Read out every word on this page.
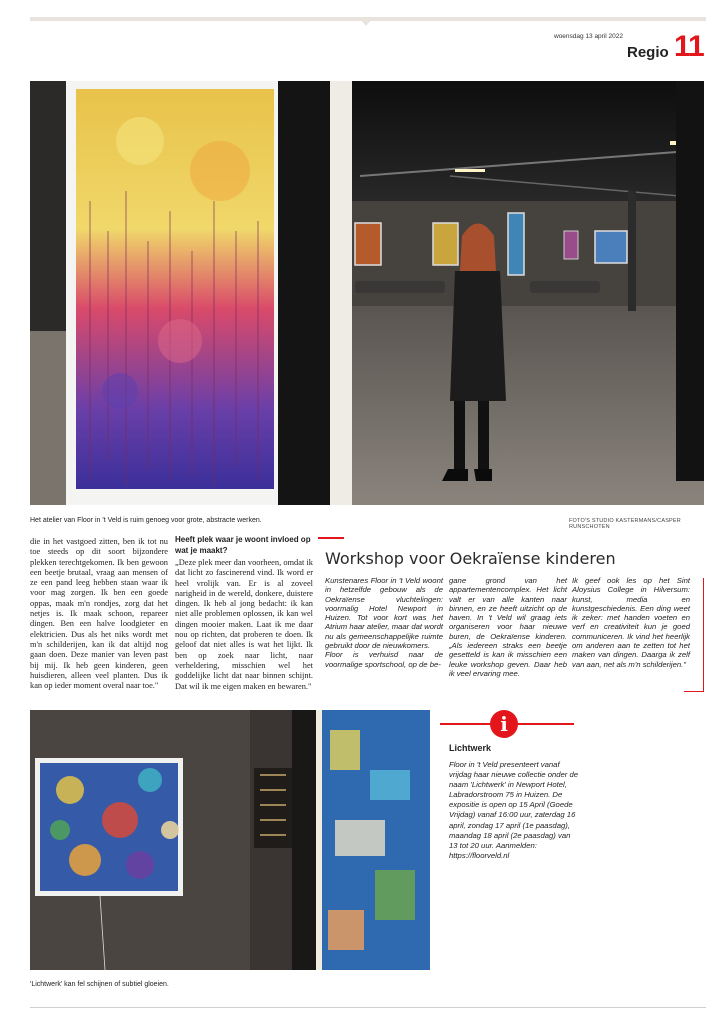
woensdag 13 april 2022
Regio 11
Het atelier van Floor in 't Veld is ruim genoeg voor grote, abstracte werken.	FOTO'S STUDIO KASTERMANS/CASPER RUNSCHOTEN
die in het vastgoed zitten, ben ik tot nu toe steeds op dit soort bijzondere plekken terechtgekomen. Ik ben gewoon een beetje brutaal, vraag aan mensen of ze een pand leeg hebben staan waar ik voor mag zorgen. Ik ben een goede oppas, maak m'n rondjes, zorg dat het netjes is. Ik maak schoon, repareer dingen. Ben een halve loodgieter en elektricien. Dus als het niks wordt met m'n schilderijen, kan ik dat altijd nog gaan doen. Deze manier van leven past bij mij. Ik heb geen kinderen, geen huisdieren, alleen veel planten. Dus ik kan op ieder moment overal naar toe."
Heeft plek waar je woont invloed op wat je maakt?
„Deze plek meer dan voorheen, omdat ik dat licht zo fascinerend vind. Ik word er heel vrolijk van. Er is al zoveel narigheid in de wereld, donkere, duistere dingen. Ik heb al jong bedacht: ik kan niet alle problemen oplossen, ik kan wel dingen mooier maken. Laat ik me daar nou op richten, dat proberen te doen. Ik geloof dat niet alles is wat het lijkt. Ik ben op zoek naar licht, naar verheldering, misschien wel het goddelijke licht dat naar binnen schijnt. Dat wil ik me eigen maken en bewaren."
Workshop voor Oekraïense kinderen
Kunstenares Floor in 't Veld woont in hetzelfde gebouw als de Oekraïense vluchtelingen: voormalig Hotel Newport in Huizen. Tot voor kort was het Atrium haar atelier, maar dat wordt nu als gemeenschappelijke ruimte gebruikt door de nieuwkomers.
Floor is verhuisd naar de voormalige sportschool, op de be-
gane grond van het appartementencomplex. Het licht valt er van alle kanten naar binnen, en ze heeft uitzicht op de haven. In 't Veld wil graag iets organiseren voor haar nieuwe buren, de Oekraïense kinderen. „Als iedereen straks een beetje gesetteld is kan ik misschien een leuke workshop geven. Daar heb ik veel ervaring mee.
Ik geef ook les op het Sint Aloysius College in Hilversum: kunst, media en kunstgeschiedenis. Een ding weet ik zeker: met handen voeten en verf en creativiteit kun je goed communiceren. Ik vind het heerlijk om anderen aan te zetten tot het maken van dingen. Daarga ik zelf van aan, net als m'n schilderijen."
'Lichtwerk' kan fel schijnen of subtiel gloeien.
i
Lichtwerk
Floor in 't Veld presenteert vanaf vrijdag haar nieuwe collectie onder de naam 'Lichtwerk' in Newport Hotel, Labradorstroom 75 in Huizen. De expositie is open op 15 April (Goede Vrijdag) vanaf 16:00 uur, zaterdag 16 april, zondag 17 april (1e paasdag), maandag 18 april (2e paasdag) van 13 tot 20 uur. Aanmelden: https://floorveld.nl
